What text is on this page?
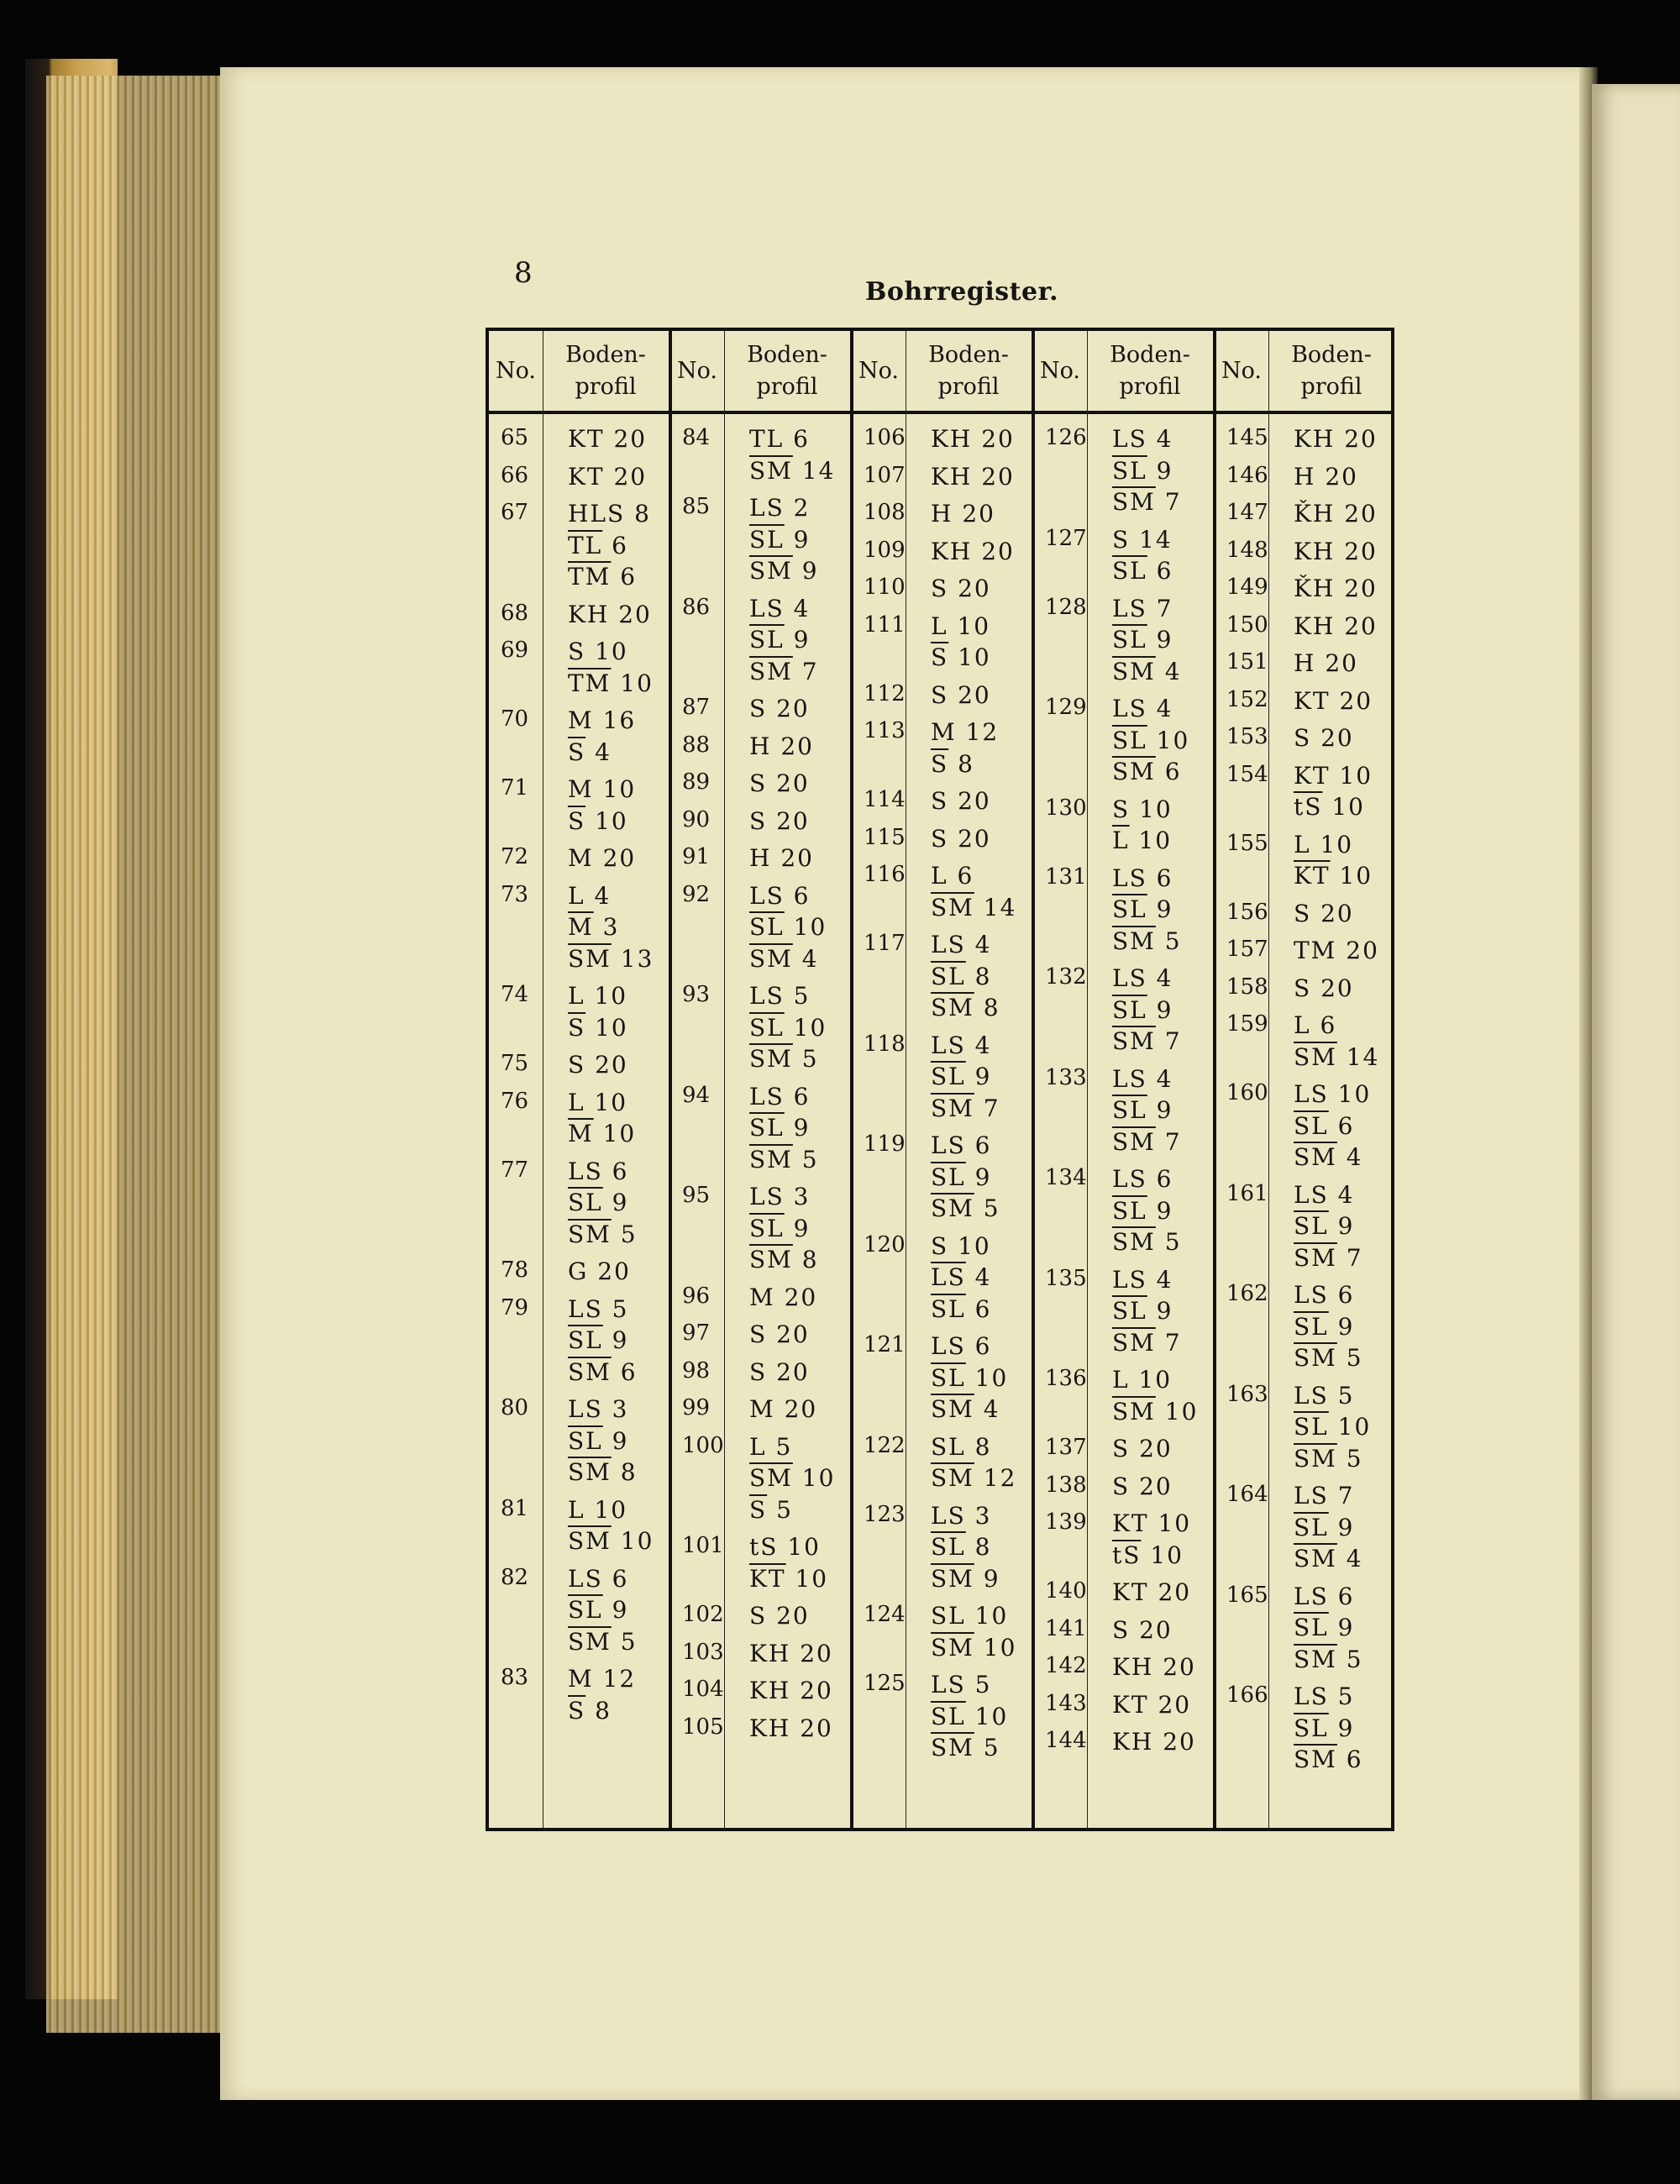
8
Bohrregister.
No.
Boden-
profil
No.
Boden-
profil
No.
Boden-
profil
No.
Boden-
profil
No.
Boden-
profil
65 KT 20
66 KT 20
67 HLS 8
$\overline{TL}$ 6
$\overline{TM}$ 6
68 KH 20
69 S 10
$\overline{TM}$ 10
70 M 16
$\overline{S}$ 4
71 M 10
$\overline{S}$ 10
72 M 20
73 L 4
$\overline{M}$ 3
$\overline{SM}$ 13
74 L 10
$\overline{S}$ 10
75 S 20
76 L 10
$\overline{M}$ 10
77 LS 6
$\overline{SL}$ 9
$\overline{SM}$ 5
78 G 20
79 LS 5
$\overline{SL}$ 9
$\overline{SM}$ 6
80 LS 3
$\overline{SL}$ 9
$\overline{SM}$ 8
81 L 10
$\overline{SM}$ 10
82 LS 6
$\overline{SL}$ 9
$\overline{SM}$ 5
83 M 12
$\overline{S}$ 8
84 TL 6
$\overline{SM}$ 14
85 LS 2
$\overline{SL}$ 9
$\overline{SM}$ 9
86 LS 4
$\overline{SL}$ 9
$\overline{SM}$ 7
87 S 20
88 H 20
89 S 20
90 S 20
91 H 20
92 LS 6
$\overline{SL}$ 10
$\overline{SM}$ 4
93 LS 5
$\overline{SL}$ 10
$\overline{SM}$ 5
94 LS 6
$\overline{SL}$ 9
$\overline{SM}$ 5
95 LS 3
$\overline{SL}$ 9
$\overline{SM}$ 8
96 M 20
97 S 20
98 S 20
99 M 20
100 L 5
$\overline{SM}$ 10
$\overline{S}$ 5
101 tS 10
$\overline{KT}$ 10
102 S 20
103 KH 20
104 KH 20
105 KH 20
106 KH 20
107 KH 20
108 H 20
109 KH 20
110 S 20
111 L 10
$\overline{S}$ 10
112 S 20
113 M 12
$\overline{S}$ 8
114 S 20
115 S 20
116 L 6
$\overline{SM}$ 14
117 LS 4
$\overline{SL}$ 8
$\overline{SM}$ 8
118 LS 4
$\overline{SL}$ 9
$\overline{SM}$ 7
119 LS 6
$\overline{SL}$ 9
$\overline{SM}$ 5
120 S 10
$\overline{LS}$ 4
$\overline{SL}$ 6
121 LS 6
$\overline{SL}$ 10
$\overline{SM}$ 4
122 SL 8
$\overline{SM}$ 12
123 LS 3
$\overline{SL}$ 8
$\overline{SM}$ 9
124 SL 10
$\overline{SM}$ 10
125 LS 5
$\overline{SL}$ 10
$\overline{SM}$ 5
126 LS 4
$\overline{SL}$ 9
$\overline{SM}$ 7
127 S 14
$\overline{SL}$ 6
128 LS 7
$\overline{SL}$ 9
$\overline{SM}$ 4
129 LS 4
$\overline{SL}$ 10
$\overline{SM}$ 6
130 S 10
$\overline{L}$ 10
131 LS 6
$\overline{SL}$ 9
$\overline{SM}$ 5
132 LS 4
$\overline{SL}$ 9
$\overline{SM}$ 7
133 LS 4
$\overline{SL}$ 9
$\overline{SM}$ 7
134 LS 6
$\overline{SL}$ 9
$\overline{SM}$ 5
135 LS 4
$\overline{SL}$ 9
$\overline{SM}$ 7
136 L 10
$\overline{SM}$ 10
137 S 20
138 S 20
139 KT 10
$\overline{tS}$ 10
140 KT 20
141 S 20
142 KH 20
143 KT 20
144 KH 20
145 KH 20
146 H 20
147 ǨH 20
148 KH 20
149 ǨH 20
150 KH 20
151 H 20
152 KT 20
153 S 20
154 KT 10
$\overline{tS}$ 10
155 L 10
$\overline{KT}$ 10
156 S 20
157 TM 20
158 S 20
159 L 6
$\overline{SM}$ 14
160 LS 10
$\overline{SL}$ 6
$\overline{SM}$ 4
161 LS 4
$\overline{SL}$ 9
$\overline{SM}$ 7
162 LS 6
$\overline{SL}$ 9
$\overline{SM}$ 5
163 LS 5
$\overline{SL}$ 10
$\overline{SM}$ 5
164 LS 7
$\overline{SL}$ 9
$\overline{SM}$ 4
165 LS 6
$\overline{SL}$ 9
$\overline{SM}$ 5
166 LS 5
$\overline{SL}$ 9
$\overline{SM}$ 6
